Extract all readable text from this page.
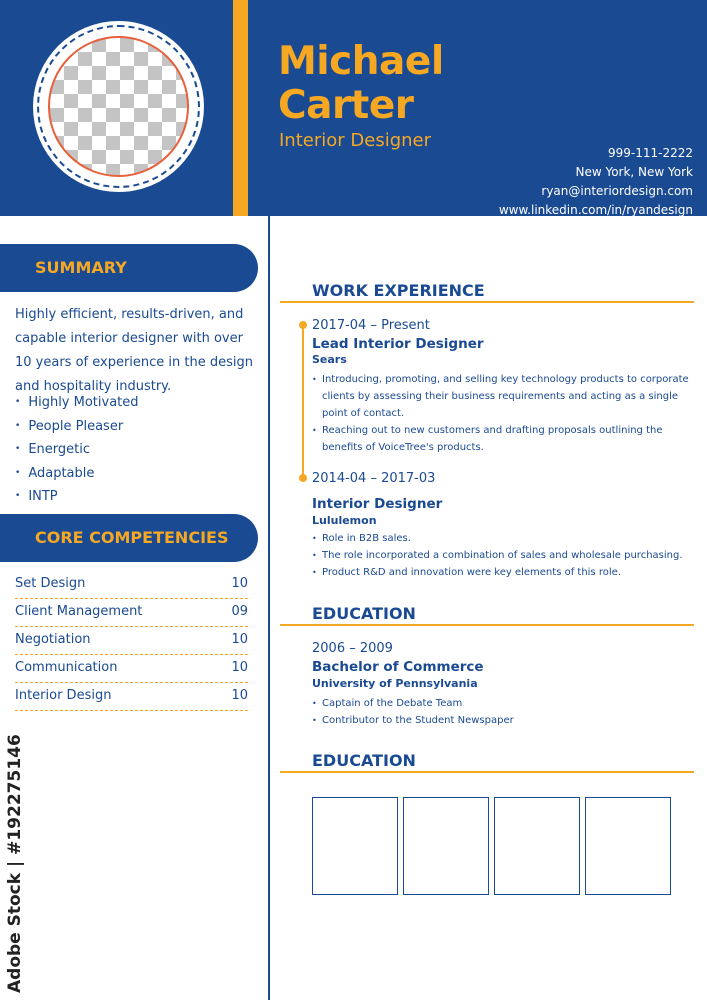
Michael
Carter
Interior Designer
999-111-2222
New York, New York
ryan@interiordesign.com
www.linkedin.com/in/ryandesign
SUMMARY

Highly efficient, results-driven, and capable interior designer with over 10 years of experience in the design and hospitality industry.

• Highly Motivated
• People Pleaser
• Energetic
• Adaptable
• INTP
CORE COMPETENCIES
Set Design	10
Client Management	09
Negotiation	10
Communication	10
Interior Design	10
Adobe Stock | #192275146
WORK EXPERIENCE
2017-04 – Present
Lead Interior Designer
Sears
• Introducing, promoting, and selling key technology products to corporate clients by assessing their business requirements and acting as a single point of contact.
• Reaching out to new customers and drafting proposals outlining the benefits of VoiceTree's products.
2014-04 – 2017-03
Interior Designer
Lululemon
• Role in B2B sales.
• The role incorporated a combination of sales and wholesale purchasing.
• Product R&D and innovation were key elements of this role.
EDUCATION
2006 – 2009
Bachelor of Commerce
University of Pennsylvania
• Captain of the Debate Team
• Contributor to the Student Newspaper
EDUCATION
